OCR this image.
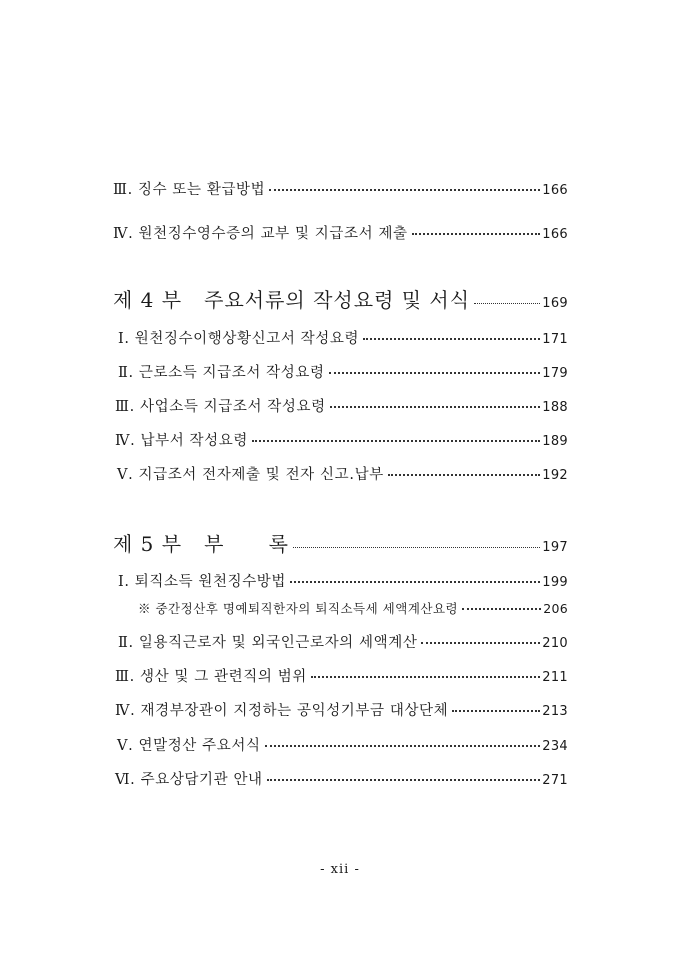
Ⅲ. 징수 또는 환급방법	166
Ⅳ. 원천징수영수증의 교부 및 지급조서 제출	166
제 4 부   주요서류의 작성요령 및 서식	169
Ⅰ. 원천징수이행상황신고서 작성요령	171
Ⅱ. 근로소득 지급조서 작성요령	179
Ⅲ. 사업소득 지급조서 작성요령	188
Ⅳ. 납부서 작성요령	189
Ⅴ. 지급조서 전자제출 및 전자 신고․납부	192
제 5 부   부      록	197
Ⅰ. 퇴직소득 원천징수방법	199
※ 중간정산후 명예퇴직한자의 퇴직소득세 세액계산요령	206
Ⅱ. 일용직근로자 및 외국인근로자의 세액계산	210
Ⅲ. 생산 및 그 관련직의 범위	211
Ⅳ. 재경부장관이 지정하는 공익성기부금 대상단체	213
Ⅴ. 연말정산 주요서식	234
Ⅵ. 주요상담기관 안내	271
- xii -
